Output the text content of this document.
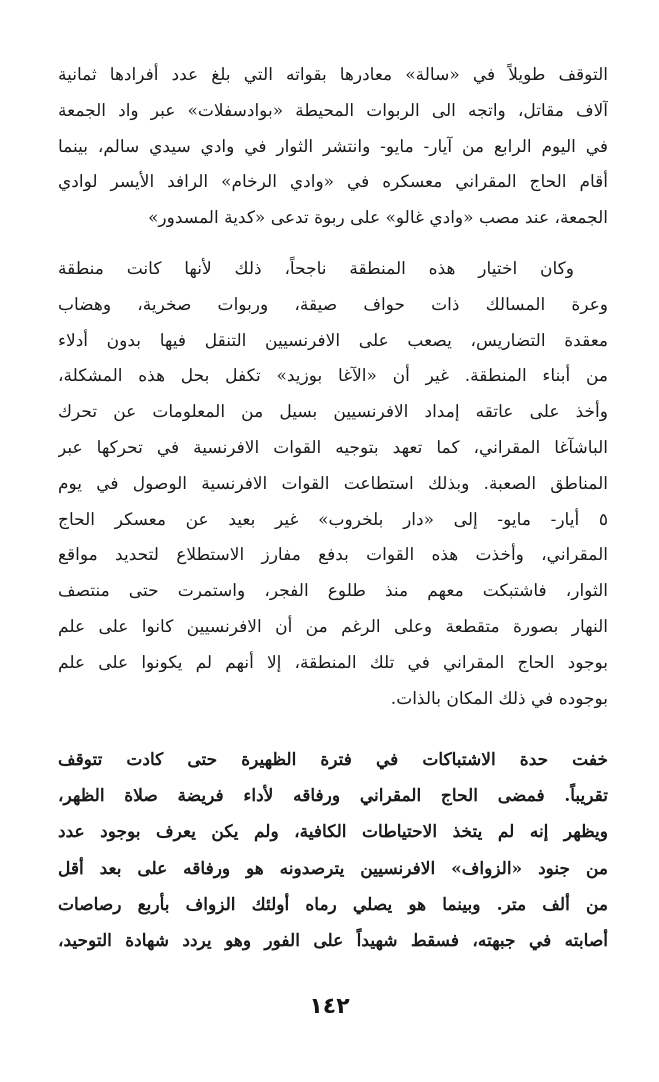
التوقف طويلاً في «سالة» معادرها بقواته التي بلغ عدد أفرادها ثمانية
آلاف مقاتل، واتجه الى الربوات المحيطة «بوادسفلات» عبر واد الجمعة
في اليوم الرابع من آيار- مايو- وانتشر الثوار في وادي سيدي سالم، بينما
أقام الحاج المقراني معسكره في «وادي الرخام» الرافد الأيسر لوادي
الجمعة، عند مصب «وادي غالو» على ربوة تدعى «كدية المسدور»
وكان اختيار هذه المنطقة ناجحاً، ذلك لأنها كانت منطقة
وعرة المسالك ذات حواف صيقة، وربوات صخرية، وهضاب
معقدة التضاريس، يصعب على الافرنسيين التنقل فيها بدون أدلاء
من أبناء المنطقة. غير أن «الآغا بوزيد» تكفل بحل هذه المشكلة،
وأخذ على عاتقه إمداد الافرنسيين بسيل من المعلومات عن تحرك
الباشآغا المقراني، كما تعهد بتوجيه القوات الافرنسية في تحركها عبر
المناطق الصعبة. وبذلك استطاعت القوات الافرنسية الوصول في يوم
٥ أيار- مايو- إلى «دار بلخروب» غير بعيد عن معسكر الحاج
المقراني، وأخذت هذه القوات بدفع مفارز الاستطلاع لتحديد مواقع
الثوار، فاشتبكت معهم منذ طلوع الفجر، واستمرت حتى منتصف
النهار بصورة متقطعة وعلى الرغم من أن الافرنسيين كانوا على علم
بوجود الحاج المقراني في تلك المنطقة، إلا أنهم لم يكونوا على علم
بوجوده في ذلك المكان بالذات.
خفت حدة الاشتباكات في فترة الظهيرة حتى كادت تتوقف
تقريباً. فمضى الحاج المقراني ورفاقه لأداء فريضة صلاة الظهر،
ويظهر إنه لم يتخذ الاحتياطات الكافية، ولم يكن يعرف بوجود عدد
من جنود «الزواف» الافرنسيين يترصدونه هو ورفاقه على بعد أقل
من ألف متر. وبينما هو يصلي رماه أولئك الزواف بأربع رصاصات
أصابته في جبهته، فسقط شهيداً على الفور وهو يردد شهادة التوحيد،
١٤٢
